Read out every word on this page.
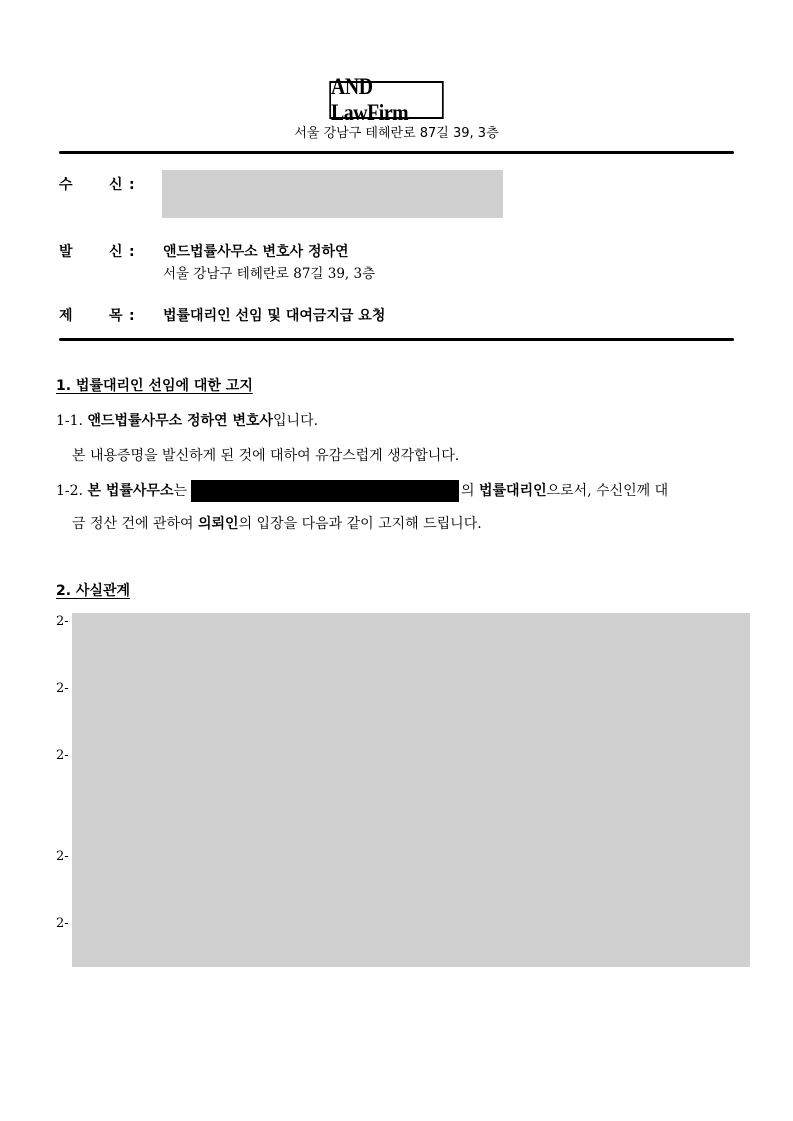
AND LawFirm
서울 강남구 테헤란로 87길 39, 3층
수	신 :
발	신 : 앤드법률사무소 변호사 정하연
서울 강남구 테헤란로 87길 39, 3층
제	목 : 법률대리인 선임 및 대여금지급 요청
1. 법률대리인 선임에 대한 고지
1-1. 앤드법률사무소 정하연 변호사입니다.
본 내용증명을 발신하게 된 것에 대하여 유감스럽게 생각합니다.
1-2. 본 법률사무소는	의 법률대리인으로서, 수신인께 대
금 정산 건에 관하여 의뢰인의 입장을 다음과 같이 고지해 드립니다.
2. 사실관계
2-
2-
2-
2-
2-
